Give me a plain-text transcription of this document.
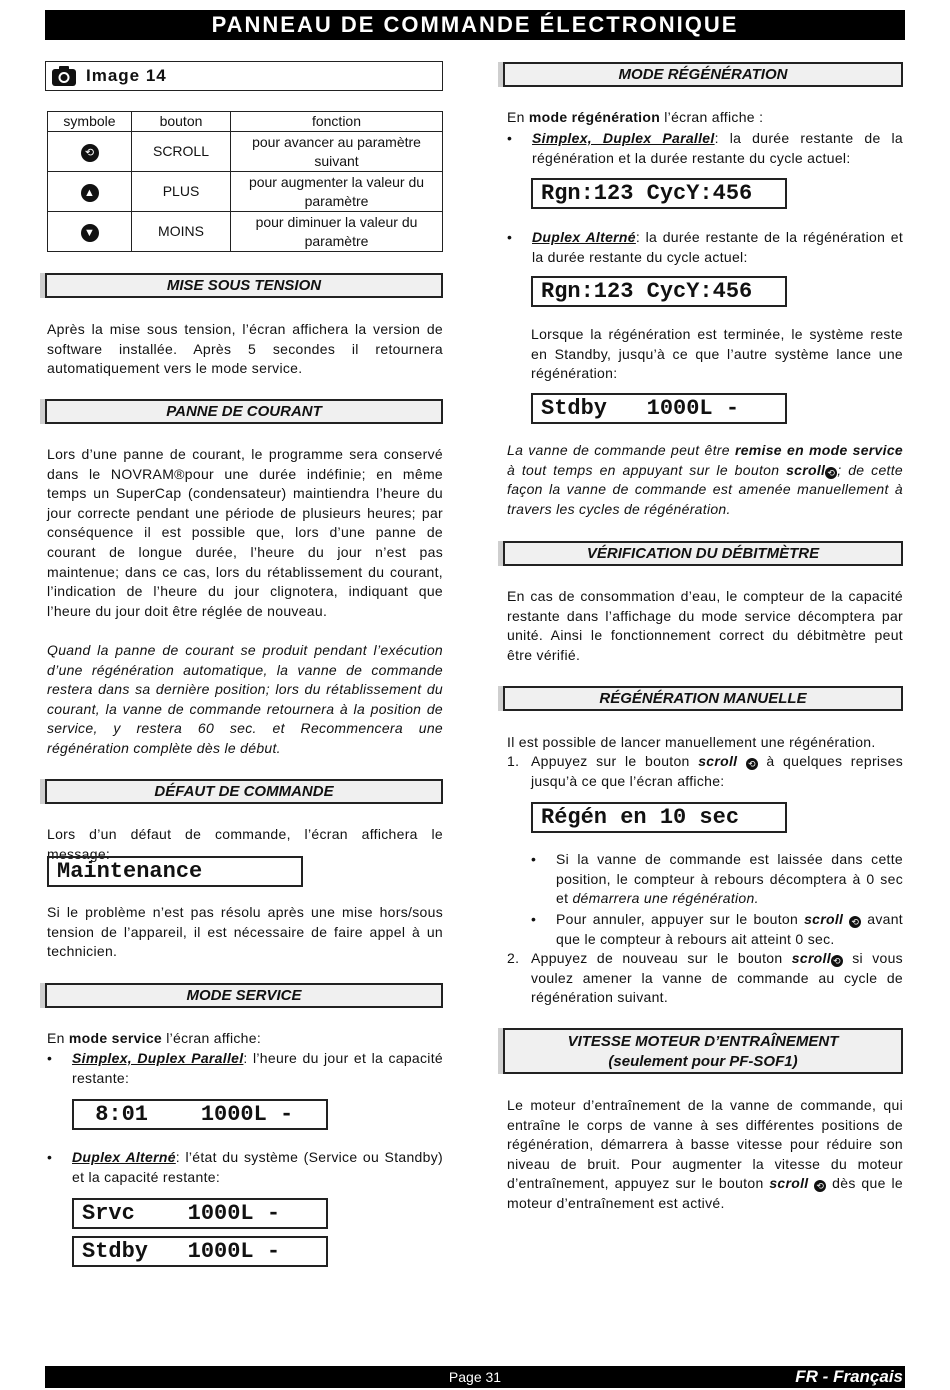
PANNEAU DE COMMANDE ÉLECTRONIQUE
Image 14
symbole	bouton	fonction
⟲	SCROLL	pour avancer au paramètre suivant
▲	PLUS	pour augmenter la valeur du paramètre
▼	MOINS	pour diminuer la valeur du paramètre
MISE SOUS TENSION
Après la mise sous tension, l’écran affichera la version de software installée. Après 5 secondes il retournera automatiquement vers le mode service.
PANNE DE COURANT
Lors d’une panne de courant, le programme sera conservé dans le NOVRAM®pour une durée indéfinie; en même temps un SuperCap (condensateur) maintiendra l’heure du jour correcte pendant une période de plusieurs heures; par conséquence il est possible que, lors d’une panne de courant de longue durée, l’heure du jour n’est pas maintenue; dans ce cas, lors du rétablissement du courant, l’indication de l’heure du jour clignotera, indiquant que l’heure du jour doit être réglée de nouveau.
Quand la panne de courant se produit pendant l’exécution d’une régénération automatique, la vanne de commande restera dans sa dernière position; lors du rétablissement du courant, la vanne de commande retournera à la position de service, y restera 60 sec. et Recommencera une régénération complète dès le début.
DÉFAUT DE COMMANDE
Lors d’un défaut de commande, l’écran affichera le message:
Maintenance
Si le problème n’est pas résolu après une mise hors/sous tension de l’appareil, il est nécessaire de faire appel à un technicien.
MODE SERVICE
En mode service l’écran affiche:
• Simplex, Duplex Parallel: l’heure du jour et la capacité restante:
8:01    1000L -
• Duplex Alterné: l’état du système (Service ou Standby) et la capacité restante:
Srvc    1000L -
Stdby   1000L -
MODE RÉGÉNÉRATION
En mode régénération l’écran affiche :
• Simplex, Duplex Parallel: la durée restante de la régénération et la durée restante du cycle actuel:
Rgn:123 CycY:456
• Duplex Alterné: la durée restante de la régénération et la durée restante du cycle actuel:
Rgn:123 CycY:456
Lorsque la régénération est terminée, le système reste en Standby, jusqu’à ce que l’autre système lance une régénération:
Stdby   1000L -
La vanne de commande peut être remise en mode service à tout temps en appuyant sur le bouton scroll ⟲ ; de cette façon la vanne de commande est amenée manuellement à travers les cycles de régénération.
VÉRIFICATION DU DÉBITMÈTRE
En cas de consommation d’eau, le compteur de la capacité restante dans l’affichage du mode service décomptera par unité. Ainsi le fonctionnement correct du débitmètre peut être vérifié.
RÉGÉNÉRATION MANUELLE
Il est possible de lancer manuellement une régénération.
1. Appuyez sur le bouton scroll ⟲ à quelques reprises jusqu’à ce que l’écran affiche:
Régén en 10 sec
• Si la vanne de commande est laissée dans cette position, le compteur à rebours décomptera à 0 sec et démarrera une régénération.
• Pour annuler, appuyer sur le bouton scroll ⟲ avant que le compteur à rebours ait atteint 0 sec.
2. Appuyez de nouveau sur le bouton scroll ⟲ si vous voulez amener la vanne de commande au cycle de régénération suivant.
VITESSE MOTEUR D’ENTRAÎNEMENT
(seulement pour PF-SOF1)
Le moteur d’entraînement de la vanne de commande, qui entraîne le corps de vanne à ses différentes positions de régénération, démarrera à basse vitesse pour réduire son niveau de bruit. Pour augmenter la vitesse du moteur d’entraînement, appuyez sur le bouton scroll ⟲ dès que le moteur d’entraînement est activé.
Page 31	FR - Français
